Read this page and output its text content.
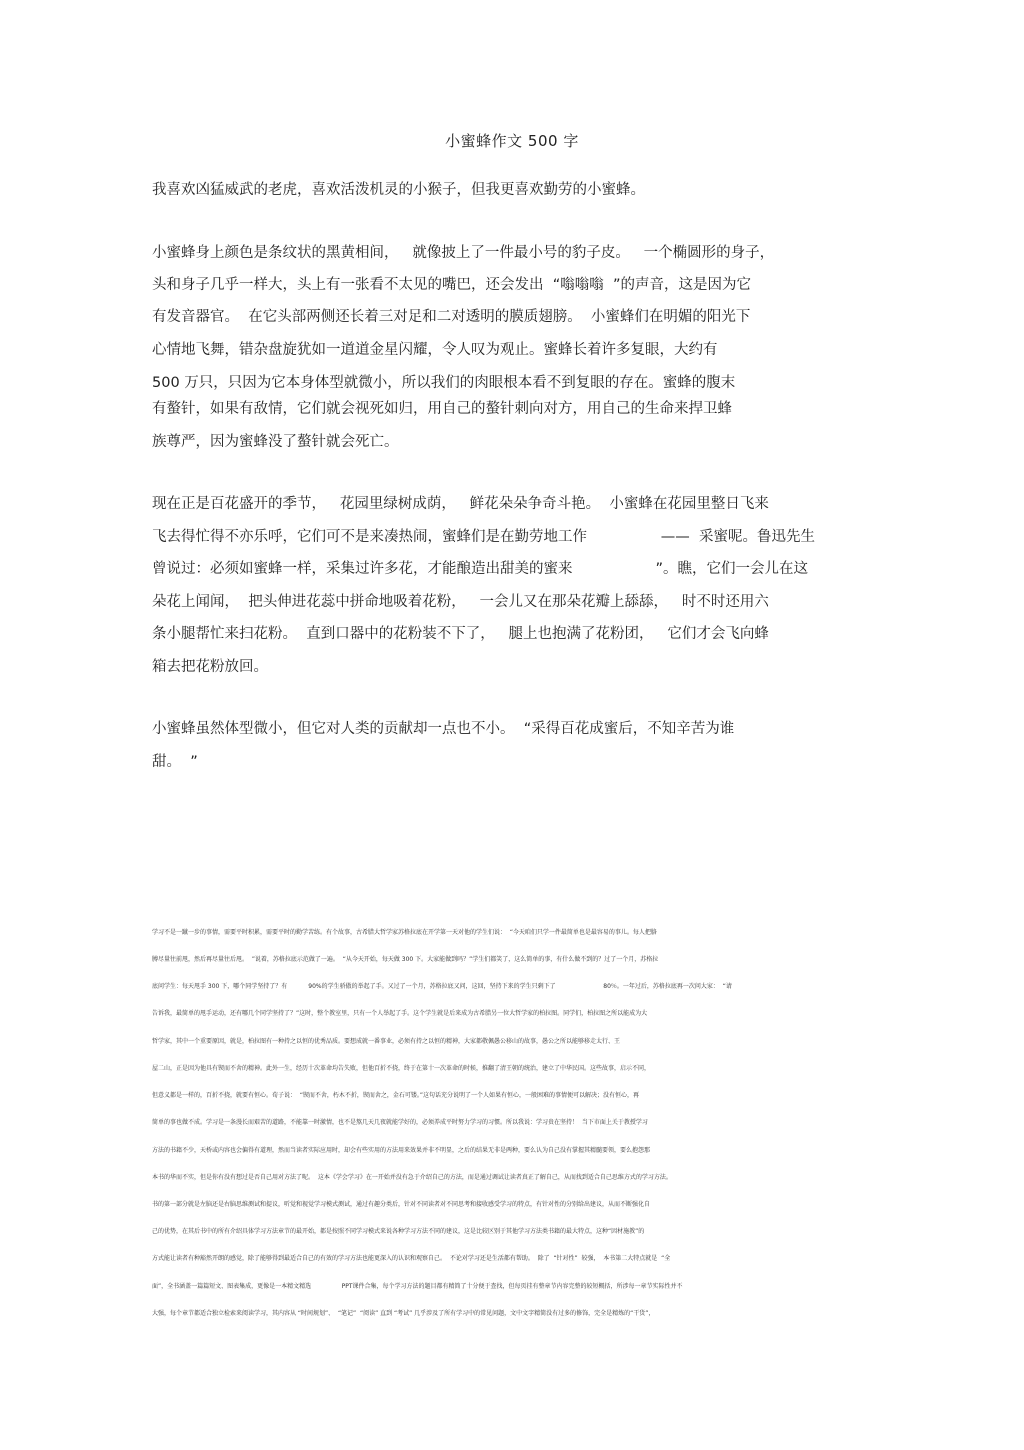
小蜜蜂作文 500 字
我喜欢凶猛威武的老虎，喜欢活泼机灵的小猴子，但我更喜欢勤劳的小蜜蜂。
小蜜蜂身上颜色是条纹状的黑黄相间，   就像披上了一件最小号的豹子皮。   一个椭圆形的身子，
头和身子几乎一样大，头上有一张看不太见的嘴巴，还会发出  “嗡嗡嗡  ”的声音，这是因为它
有发音器官。  在它头部两侧还长着三对足和二对透明的膜质翅膀。  小蜜蜂们在明媚的阳光下
心情地飞舞，错杂盘旋犹如一道道金星闪耀，令人叹为观止。蜜蜂长着许多复眼，大约有
500 万只，只因为它本身体型就微小，所以我们的肉眼根本看不到复眼的存在。蜜蜂的腹末
有螯针，如果有敌情，它们就会视死如归，用自己的螯针刺向对方，用自己的生命来捍卫蜂
族尊严，因为蜜蜂没了螯针就会死亡。
现在正是百花盛开的季节，   花园里绿树成荫，   鲜花朵朵争奇斗艳。  小蜜蜂在花园里整日飞来
飞去得忙得不亦乐呼，它们可不是来凑热闹，蜜蜂们是在勤劳地工作                ——  采蜜呢。鲁迅先生
曾说过：必须如蜜蜂一样，采集过许多花，才能酿造出甜美的蜜来                  ”。瞧，它们一会儿在这
朵花上闻闻，  把头伸进花蕊中拼命地吸着花粉，   一会儿又在那朵花瓣上舔舔，   时不时还用六
条小腿帮忙来扫花粉。  直到口器中的花粉装不下了，   腿上也抱满了花粉团，   它们才会飞向蜂
箱去把花粉放回。
小蜜蜂虽然体型微小，但它对人类的贡献却一点也不小。  “采得百花成蜜后，不知辛苦为谁
甜。  ”
学习不是一蹴一步的事情，需要平时积累，需要平时的勤学苦练。有个故事，古希腊大哲学家苏格拉底在开学第一天对他的学生们说：  “今天咱们只学一件最简单也是最容易的事儿。每人把胳
膊尽量往前甩，然后再尽量往后甩。  ”说着，苏格拉底示范做了一遍。  “从今天开始，每天做 300 下。大家能做到吗？”学生们都笑了，这么简单的事，有什么做不到的？过了一个月，苏格拉
底问学生：每天甩手 300 下，哪个同学坚持了？有           90%的学生骄傲的举起了手。又过了一个月，苏格拉底又问，这回，坚持下来的学生只剩下了                         80％。一年过后，苏格拉底再一次问大家：  “请
告诉我，最简单的甩手运动，还有哪几个同学坚持了？”这时，整个教室里，只有一个人举起了手。这个学生就是后来成为古希腊另一位大哲学家的柏拉图。同学们，柏拉图之所以能成为大
哲学家，其中一个重要原因，就是，柏拉图有一种持之以恒的优秀品质。要想成就一番事业，必须有持之以恒的精神，大家都敬佩愚公移山的故事，愚公之所以能够移走太行、王
屋二山，正是因为他具有锲而不舍的精神。此外一生，经历十次革命均告失败，但他百折不挠，终于在第十一次革命的时候，推翻了清王朝的统治，建立了中华民国。这些故事，启示不同，
但意义都是一样的，百折不挠，就要有恒心。荀子说：  “锲而不舍，朽木不折，锲而舍之，金石可镂。”这句话充分说明了一个人如果有恒心，一般困难的事情便可以解决；没有恒心，再
简单的事也做不成。学习是一条漫长而艰苦的道路，不能靠一时激情，也不是熬几天几夜就能学好的，必须养成平时努力学习的习惯。所以我说：学习贵在坚持！  当下市面上关于教授学习
方法的书籍不少，天桥或内容也会偏得有道理，然而当读者实际应用时，却会有些实用的方法用来效果并非不明显，之后的结果无非是两种，要么认为自己没有掌握其精髓要领，要么抱怨那
本书的华而不实，但是你有没有想过是否自己用对方法了呢。  这本《学会学习》在一开始并没有急于介绍自己的方法，而是通过调试让读者真正了解自己，从而找到适合自己思维方式的学习方法。
书的第一部分就是左脑还是右脑思维测试和提议，听觉和视觉学习模式测试，通过有趣分类后，针对不同读者对不同思考和接收感受学习的特点，有针对性的分别给出建议，从而不断强化自
己的优势，在其后书中的所有介绍具体学习方法章节的最开始，都是按照不同学习模式来说各种学习方法不同的建议，这是比较区别于其他学习方法类书籍的最大特点，这种“因材施教”的
方式能让读者有种豁然开朗的感觉，除了能够得到最适合自己的有效的学习方法也能更深入的认识和观察自己。  不论对学习还是生活都有帮助。  除了  “针对性”  较强，  本书第二大特点就是  “全
面”，全书涵盖一篇篇短文、图表集成，更像是一本精文精选                PPT课件合集，每个学习方法的题目都有精简了十分便于查找，但每页挂有整章节内容完整的较短概括，所涉每一章节实际性并不
大强，每个章节都适合独立检索来阅读学习，其内容从 “时间规划”、  “笔记”  “阅读” 直到 “考试” 几乎涉及了所有学习中的常见问题，文中文字精简没有过多的修饰，完全是精炼的“干货”，
